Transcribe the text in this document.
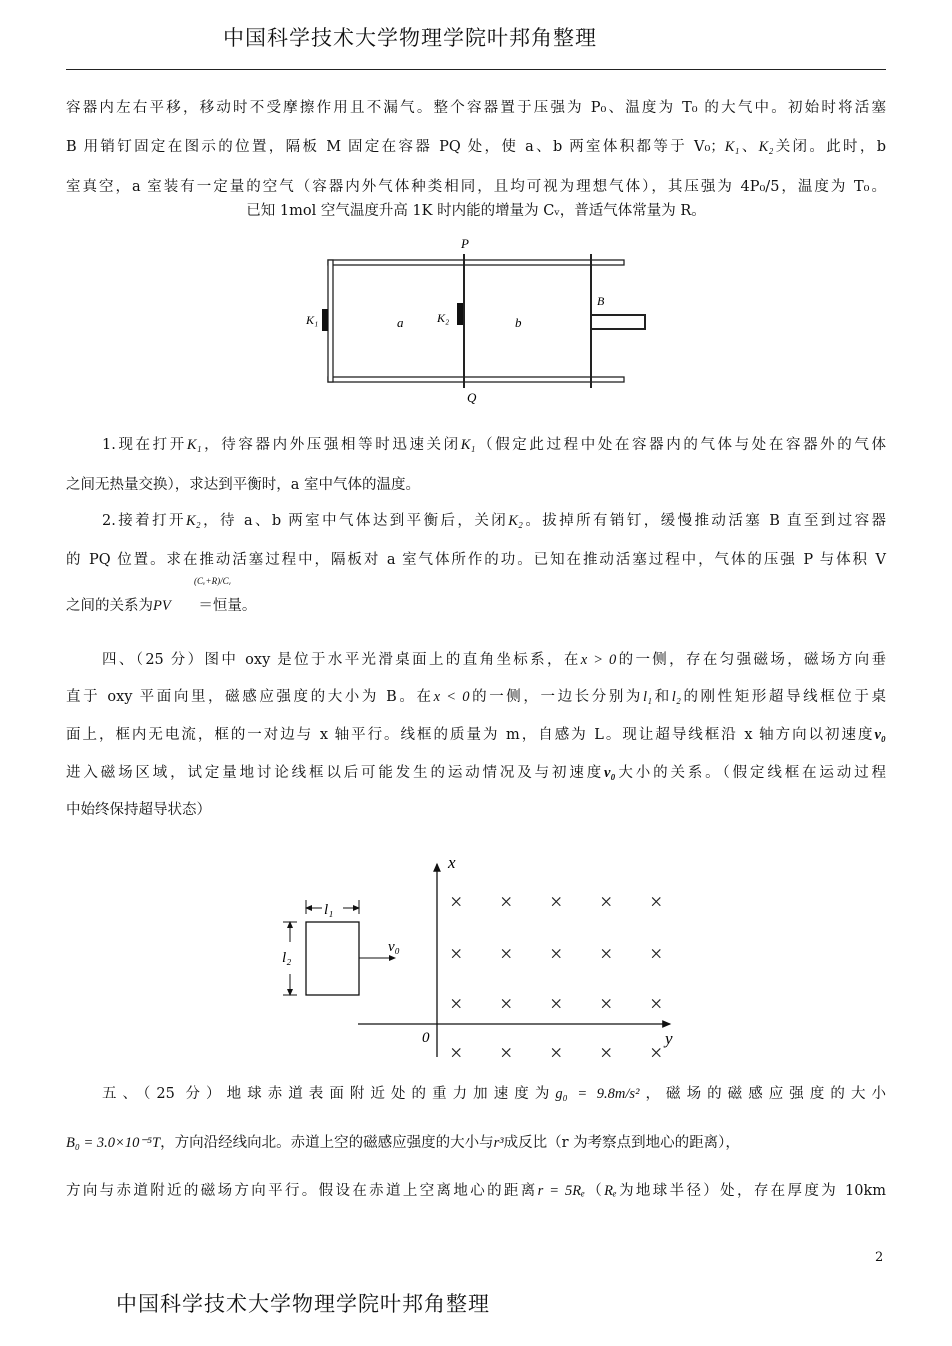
中国科学技术大学物理学院叶邦角整理
容器内左右平移，移动时不受摩擦作用且不漏气。整个容器置于压强为 P₀、温度为 T₀ 的大气中。初始时将活塞
B 用销钉固定在图示的位置，隔板 M 固定在容器 PQ 处，使 a、b 两室体积都等于 V₀；K₁、K₂关闭。此时，b
室真空，a 室装有一定量的空气（容器内外气体种类相同，且均可视为理想气体），其压强为 4P₀/5，温度为 T₀。
已知 1mol 空气温度升高 1K 时内能的增量为 Cᵥ，普适气体常量为 R。
P
Q
B
a	b
K₁	K₂
1.现在打开K₁，待容器内外压强相等时迅速关闭K₁（假定此过程中处在容器内的气体与处在容器外的气体
之间无热量交换），求达到平衡时，a 室中气体的温度。
2.接着打开K₂，待 a、b 两室中气体达到平衡后，关闭K₂。拔掉所有销钉，缓慢推动活塞 B 直至到过容器
的 PQ 位置。求在推动活塞过程中，隔板对 a 室气体所作的功。已知在推动活塞过程中，气体的压强 P 与体积 V
(Cᵥ+R)/Cᵥ
之间的关系为PV ＝恒量。
四、（25 分）图中 oxy 是位于水平光滑桌面上的直角坐标系，在x > 0的一侧，存在匀强磁场，磁场方向垂
直于 oxy 平面向里，磁感应强度的大小为 B。在x < 0的一侧，一边长分别为l₁和l₂的刚性矩形超导线框位于桌
面上，框内无电流，框的一对边与 x 轴平行。线框的质量为 m，自感为 L。现让超导线框沿 x 轴方向以初速度v₀
进入磁场区域，试定量地讨论线框以后可能发生的运动情况及与初速度v₀大小的关系。（假定线框在运动过程
中始终保持超导状态）
x
y
0
l₁
l₂
v₀
× × × × ×
× × × × ×
× × × × ×
× × × × ×
五、（25 分）地球赤道表面附近处的重力加速度为g₀ = 9.8m/s²，磁场的磁感应强度的大小
B₀ = 3.0×10⁻⁵T，方向沿经线向北。赤道上空的磁感应强度的大小与r³成反比（r 为考察点到地心的距离），
方向与赤道附近的磁场方向平行。假设在赤道上空离地心的距离r = 5Rₑ（Rₑ为地球半径）处，存在厚度为 10km
2
中国科学技术大学物理学院叶邦角整理
